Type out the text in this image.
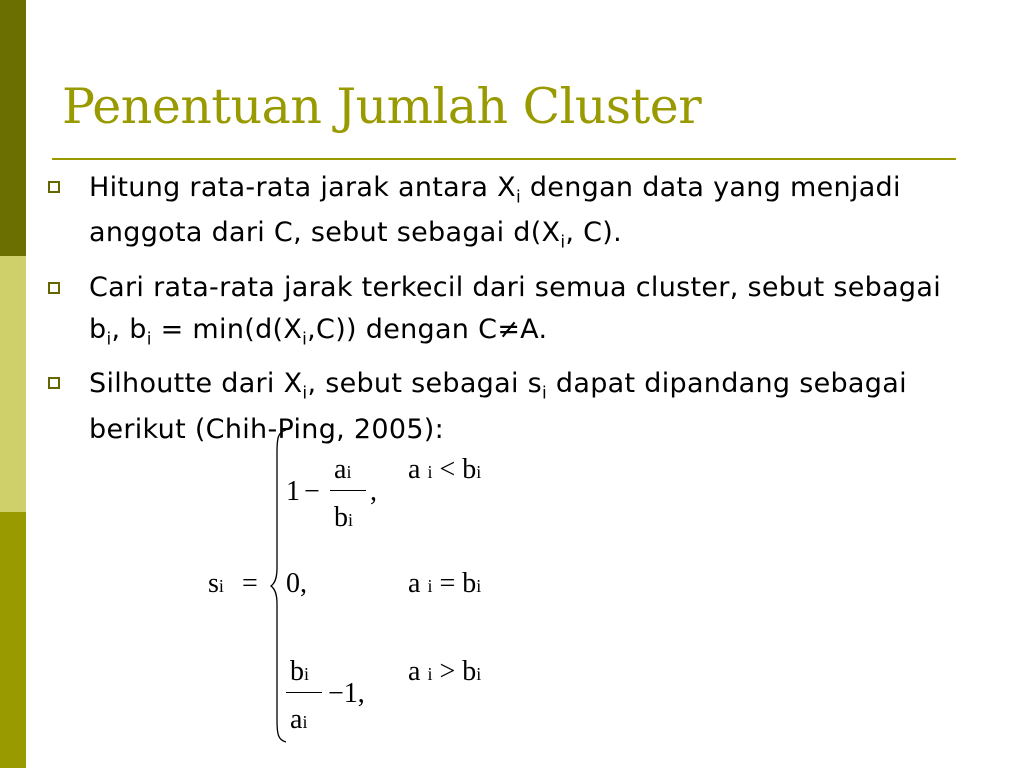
Penentuan Jumlah Cluster
Hitung rata-rata jarak antara $X_i$ dengan data yang menjadi anggota dari C, sebut sebagai $d(X_i$, C).
Cari rata-rata jarak terkecil dari semua cluster, sebut sebagai $b_i$, $b_i = \min(d(X_i,C))$ dengan C≠A.
Silhoutte dari $X_i$, sebut sebagai $s_i$ dapat dipandang sebagai berikut (Chih-Ping, 2005):
si =
1 −
ai
bi
,
a i < bi
0,	a i = bi
bi
ai
−1,
a i > bi
